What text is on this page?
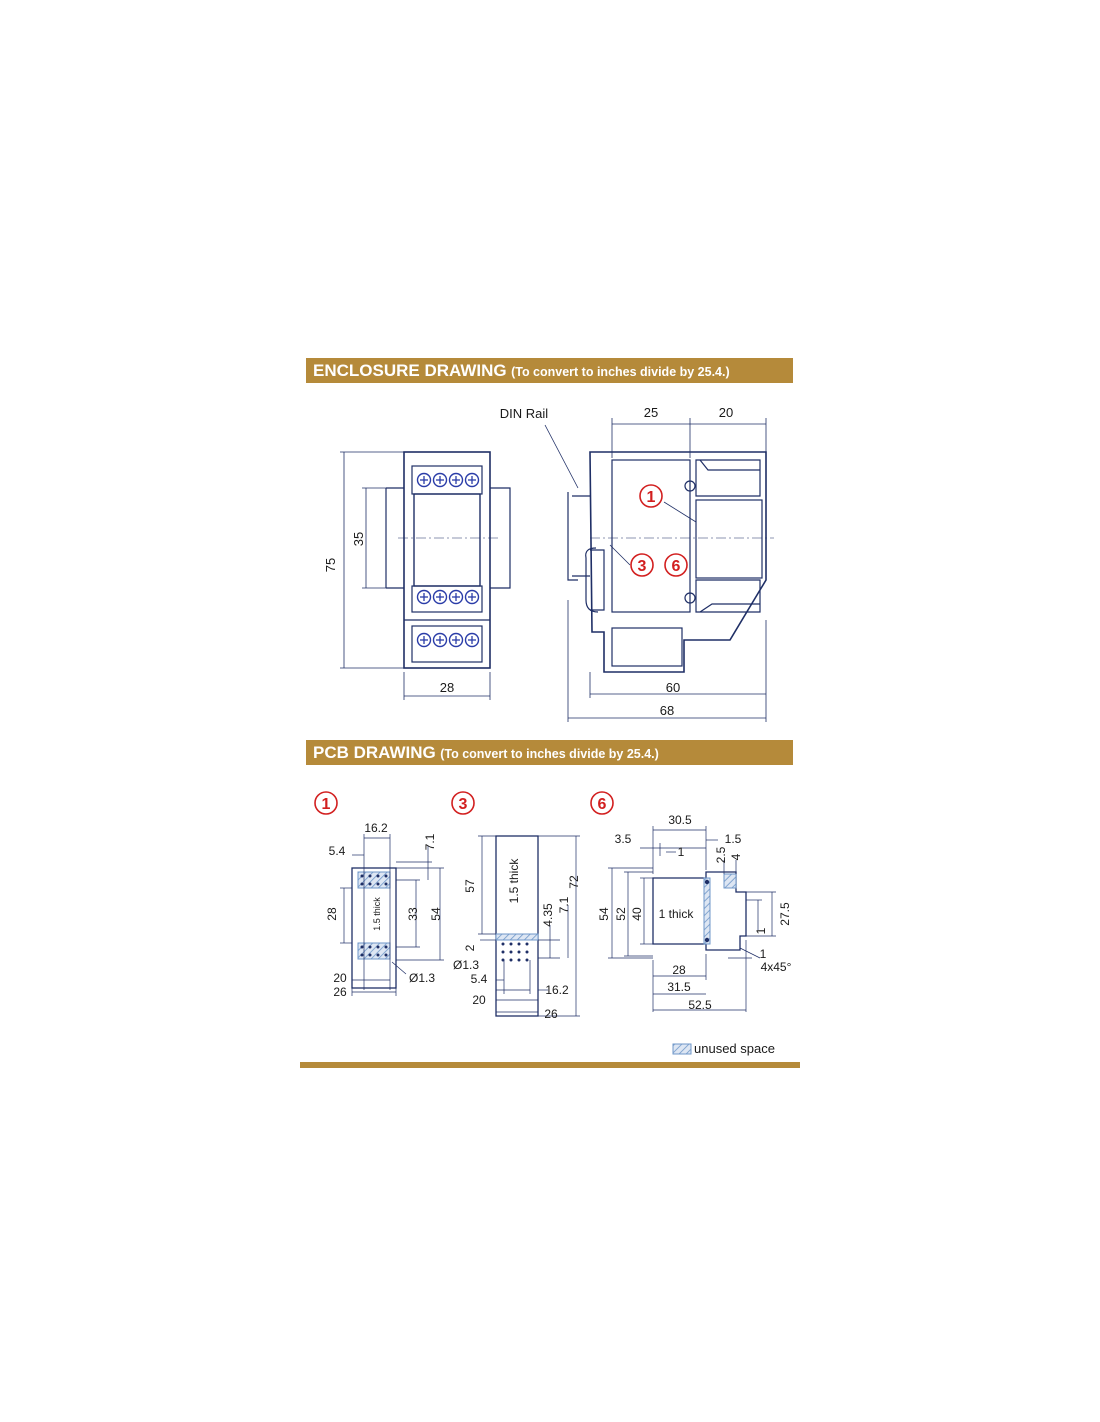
ENCLOSURE DRAWING (To convert to inches divide by 25.4.)
PCB DRAWING (To convert to inches divide by 25.4.)
75
35
28
DIN Rail	25	20
60
68
1
3 6
1
16.2
5.4
7.1
28	33 54
1.5 thick
20
26
Ø1.3
3
57	72
1.5 thick
4.35 7.1
2
Ø1.3
5.4
20
16.2
26
6
30.5
3.5	1.5
1 2.5 4
54 52 40 1 thick	27.5
1
1
4x45°
28
31.5
52.5
unused space
